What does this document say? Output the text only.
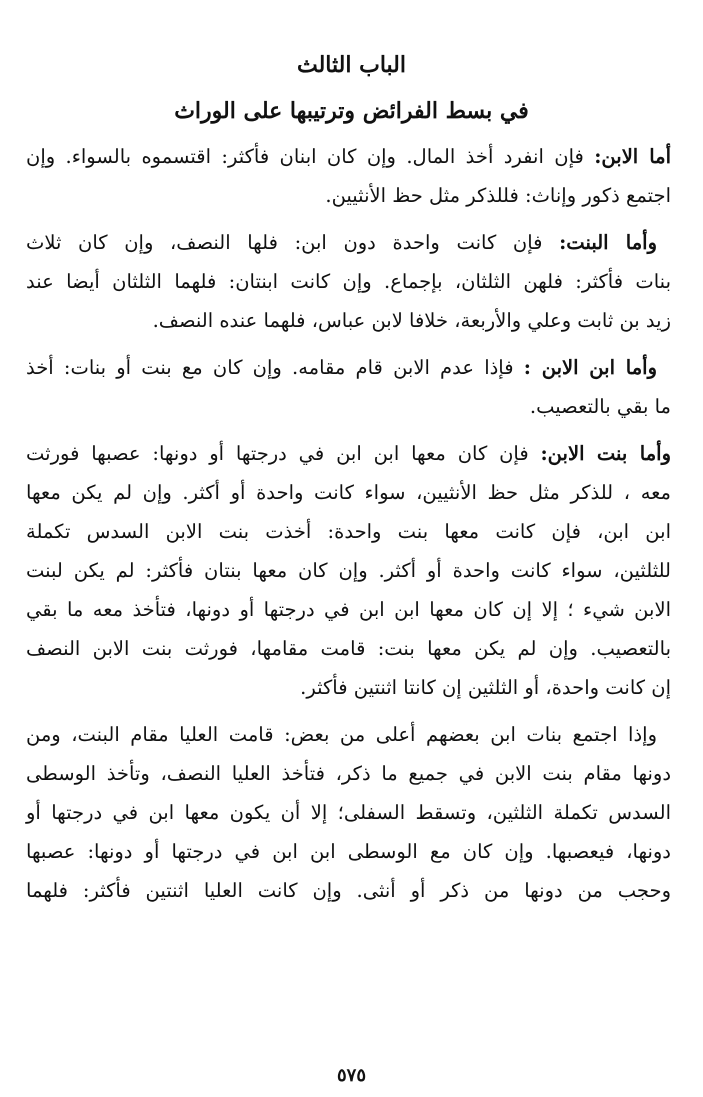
الباب الثالث
في بسط الفرائض وترتيبها على الوراث
أما الابن: فإن انفرد أخذ المال. وإن كان ابنان فأكثر: اقتسموه بالسواء. وإن
اجتمع ذكور وإناث: فللذكر مثل حظ الأنثيين.
وأما البنت: فإن كانت واحدة دون ابن: فلها النصف، وإن كان ثلاث
بنات فأكثر: فلهن الثلثان، بإجماع. وإن كانت ابنتان: فلهما الثلثان أيضا عند
زيد بن ثابت وعلي والأربعة، خلافا لابن عباس، فلهما عنده النصف.
وأما ابن الابن : فإذا عدم الابن قام مقامه. وإن كان مع بنت أو بنات: أخذ
ما بقي بالتعصيب.
وأما بنت الابن: فإن كان معها ابن ابن في درجتها أو دونها: عصبها فورثت
معه ، للذكر مثل حظ الأنثيين، سواء كانت واحدة أو أكثر. وإن لم يكن معها
ابن ابن، فإن كانت معها بنت واحدة: أخذت بنت الابن السدس تكملة
للثلثين، سواء كانت واحدة أو أكثر. وإن كان معها بنتان فأكثر: لم يكن لبنت
الابن شيء ؛ إلا إن كان معها ابن ابن في درجتها أو دونها، فتأخذ معه ما بقي
بالتعصيب. وإن لم يكن معها بنت: قامت مقامها، فورثت بنت الابن النصف
إن كانت واحدة، أو الثلثين إن كانتا اثنتين فأكثر.
وإذا اجتمع بنات ابن بعضهم أعلى من بعض: قامت العليا مقام البنت، ومن
دونها مقام بنت الابن في جميع ما ذكر، فتأخذ العليا النصف، وتأخذ الوسطى
السدس تكملة الثلثين، وتسقط السفلى؛ إلا أن يكون معها ابن في درجتها أو
دونها، فيعصبها. وإن كان مع الوسطى ابن ابن في درجتها أو دونها: عصبها
وحجب من دونها من ذكر أو أنثى. وإن كانت العليا اثنتين فأكثر: فلهما
٥٧٥
